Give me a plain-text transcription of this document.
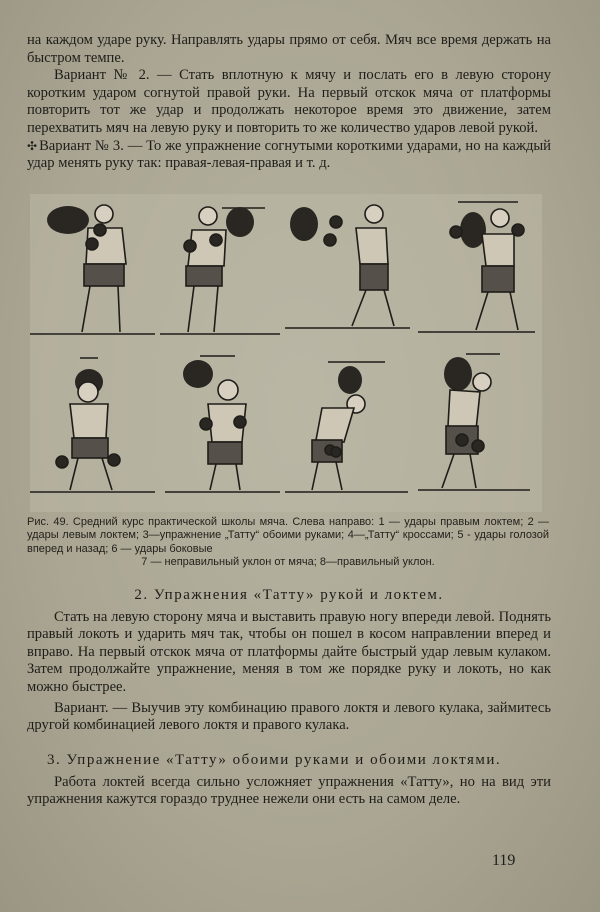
на каждом ударе руку. Направлять удары прямо от себя. Мяч все время держать на быстром темпе.

Вариант № 2. — Стать вплотную к мячу и послать его в левую сторону коротким ударом согнутой правой руки. На первый отскок мяча от платформы повторить тот же удар и продолжать некоторое время это движение, затем перехватить мяч на левую руку и повторить то же количество ударов левой рукой.

✣ Вариант № 3. — То же упражнение согнутыми короткими ударами, но на каждый удар менять руку так: правая-левая-правая и т. д.

Рис. 49. Средний курс практической школы мяча. Слева направо: 1 — удары правым локтем; 2 — удары левым локтем; 3—упражнение „Татту“ обоими руками; 4—„Татту“ кроссами; 5 - удары голозой вперед и назад; 6 — удары боковые
7 — неправильный уклон от мяча; 8—правильный уклон.

2. Упражнения «Татту» рукой и локтем.

Стать на левую сторону мяча и выставить правую ногу впереди левой. Поднять правый локоть и ударить мяч так, чтобы он пошел в косом направлении вперед и вправо. На первый отскок мяча от платформы дайте быстрый удар левым кулаком. Затем продолжайте упражнение, меняя в том же порядке руку и локоть, но как можно быстрее.

Вариант. — Выучив эту комбинацию правого локтя и левого кулака, займитесь другой комбинацией левого локтя и правого кулака.

3. Упражнение «Татту» обоими руками и обоими локтями.

Работа локтей всегда сильно усложняет упражнения «Татту», но на вид эти упражнения кажутся гораздо труднее нежели они есть на самом деле.

119
